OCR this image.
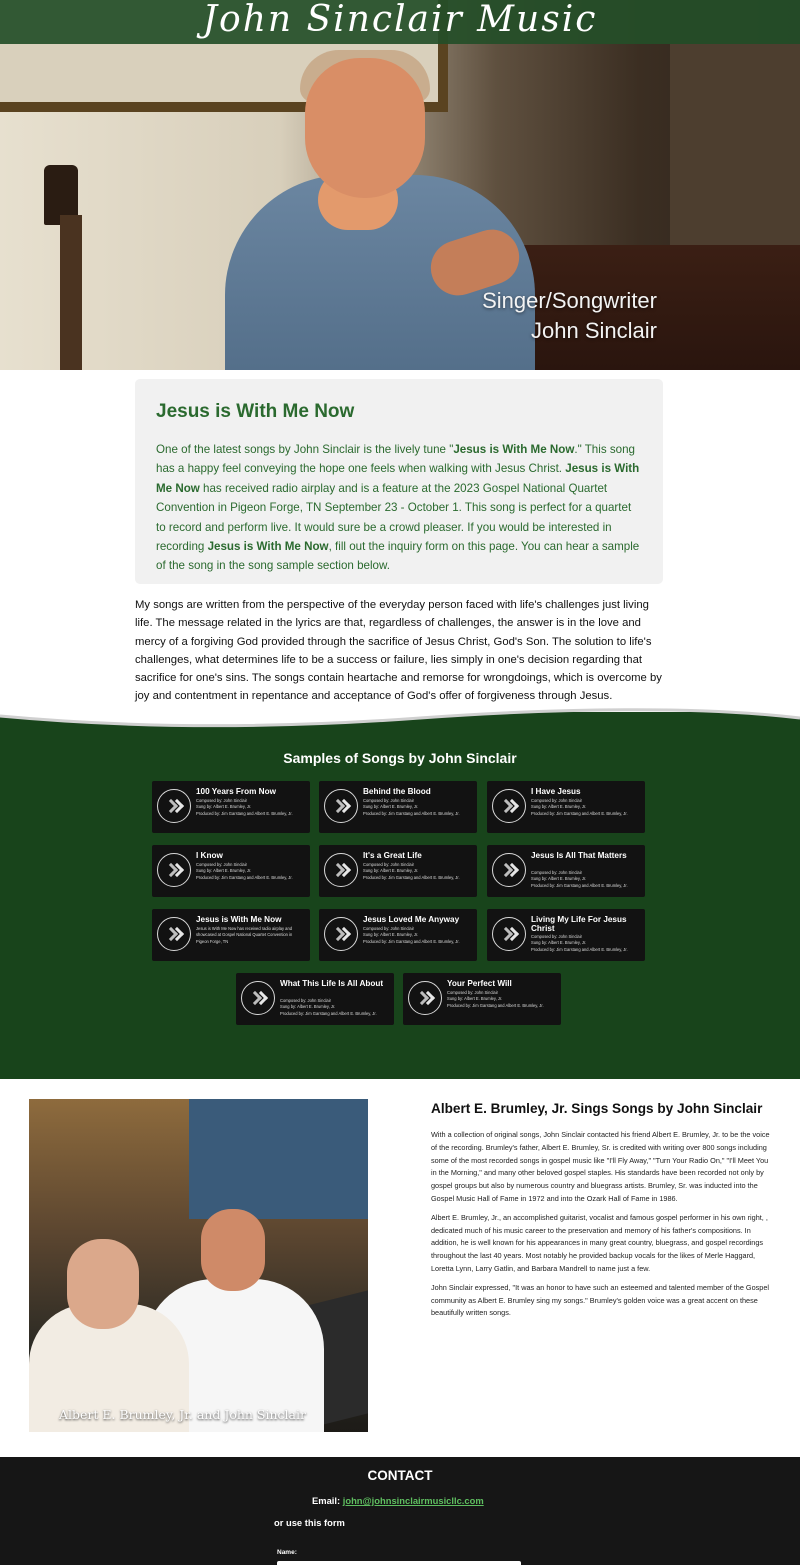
John Sinclair Music
Singer/Songwriter
John Sinclair
Jesus is With Me Now

One of the latest songs by John Sinclair is the lively tune "Jesus is With Me Now." This song has a happy feel conveying the hope one feels when walking with Jesus Christ. Jesus is With Me Now has received radio airplay and is a feature at the 2023 Gospel National Quartet Convention in Pigeon Forge, TN September 23 - October 1. This song is perfect for a quartet to record and perform live. It would sure be a crowd pleaser. If you would be interested in recording Jesus is With Me Now, fill out the inquiry form on this page. You can hear a sample of the song in the song sample section below.

My songs are written from the perspective of the everyday person faced with life's challenges just living life. The message related in the lyrics are that, regardless of challenges, the answer is in the love and mercy of a forgiving God provided through the sacrifice of Jesus Christ, God's Son. The solution to life's challenges, what determines life to be a success or failure, lies simply in one's decision regarding that sacrifice for one's sins. The songs contain heartache and remorse for wrongdoings, which is overcome by joy and contentment in repentance and acceptance of God's offer of forgiveness through Jesus.

Samples of Songs by John Sinclair
100 Years From Now
Composed by: John Sinclair
Sung by: Albert E. Brumley, Jr.
Produced by: Jim Garstang and Albert E. Brumley, Jr.
Behind the Blood
Composed by: John Sinclair
Sung by: Albert E. Brumley, Jr.
Produced by: Jim Garstang and Albert E. Brumley, Jr.
I Have Jesus
Composed by: John Sinclair
Sung by: Albert E. Brumley, Jr.
Produced by: Jim Garstang and Albert E. Brumley, Jr.
I Know
Composed by: John Sinclair
Sung by: Albert E. Brumley, Jr.
Produced by: Jim Garstang and Albert E. Brumley, Jr.
It's a Great Life
Composed by: John Sinclair
Sung by: Albert E. Brumley, Jr.
Produced by: Jim Garstang and Albert E. Brumley, Jr.
Jesus Is All That Matters
Composed by: John Sinclair
Sung by: Albert E. Brumley, Jr.
Produced by: Jim Garstang and Albert E. Brumley, Jr.
Jesus is With Me Now
Jesus is With Me Now has received radio airplay and
showcased at Gospel National Quartet Convention in
Pigeon Forge, TN
Jesus Loved Me Anyway
Composed by: John Sinclair
Sung by: Albert E. Brumley, Jr.
Produced by: Jim Garstang and Albert E. Brumley, Jr.
Living My Life For Jesus Christ
Composed by: John Sinclair
Sung by: Albert E. Brumley, Jr.
Produced by: Jim Garstang and Albert E. Brumley, Jr.
What This Life Is All About
Composed by: John Sinclair
Sung by: Albert E. Brumley, Jr.
Produced by: Jim Garstang and Albert E. Brumley, Jr.
Your Perfect Will
Composed by: John Sinclair
Sung by: Albert E. Brumley, Jr.
Produced by: Jim Garstang and Albert E. Brumley, Jr.
Albert E. Brumley, Jr. and John Sinclair
Albert E. Brumley, Jr. Sings Songs by John Sinclair

With a collection of original songs, John Sinclair contacted his friend Albert E. Brumley, Jr. to be the voice of the recording. Brumley's father, Albert E. Brumley, Sr. is credited with writing over 800 songs including some of the most recorded songs in gospel music like "I'll Fly Away," "Turn Your Radio On," "I'll Meet You in the Morning," and many other beloved gospel staples. His standards have been recorded not only by gospel groups but also by numerous country and bluegrass artists. Brumley, Sr. was inducted into the Gospel Music Hall of Fame in 1972 and into the Ozark Hall of Fame in 1986.

Albert E. Brumley, Jr., an accomplished guitarist, vocalist and famous gospel performer in his own right, , dedicated much of his music career to the preservation and memory of his father's compositions. In addition, he is well known for his appearances in many great country, bluegrass, and gospel recordings throughout the last 40 years. Most notably he provided backup vocals for the likes of Merle Haggard, Loretta Lynn, Larry Gatlin, and Barbara Mandrell to name just a few.

John Sinclair expressed, "It was an honor to have such an esteemed and talented member of the Gospel community as Albert E. Brumley sing my songs." Brumley's golden voice was a great accent on these beautifully written songs.

CONTACT
Email: john@johnsinclairmusicllc.com
or use this form
Name:
